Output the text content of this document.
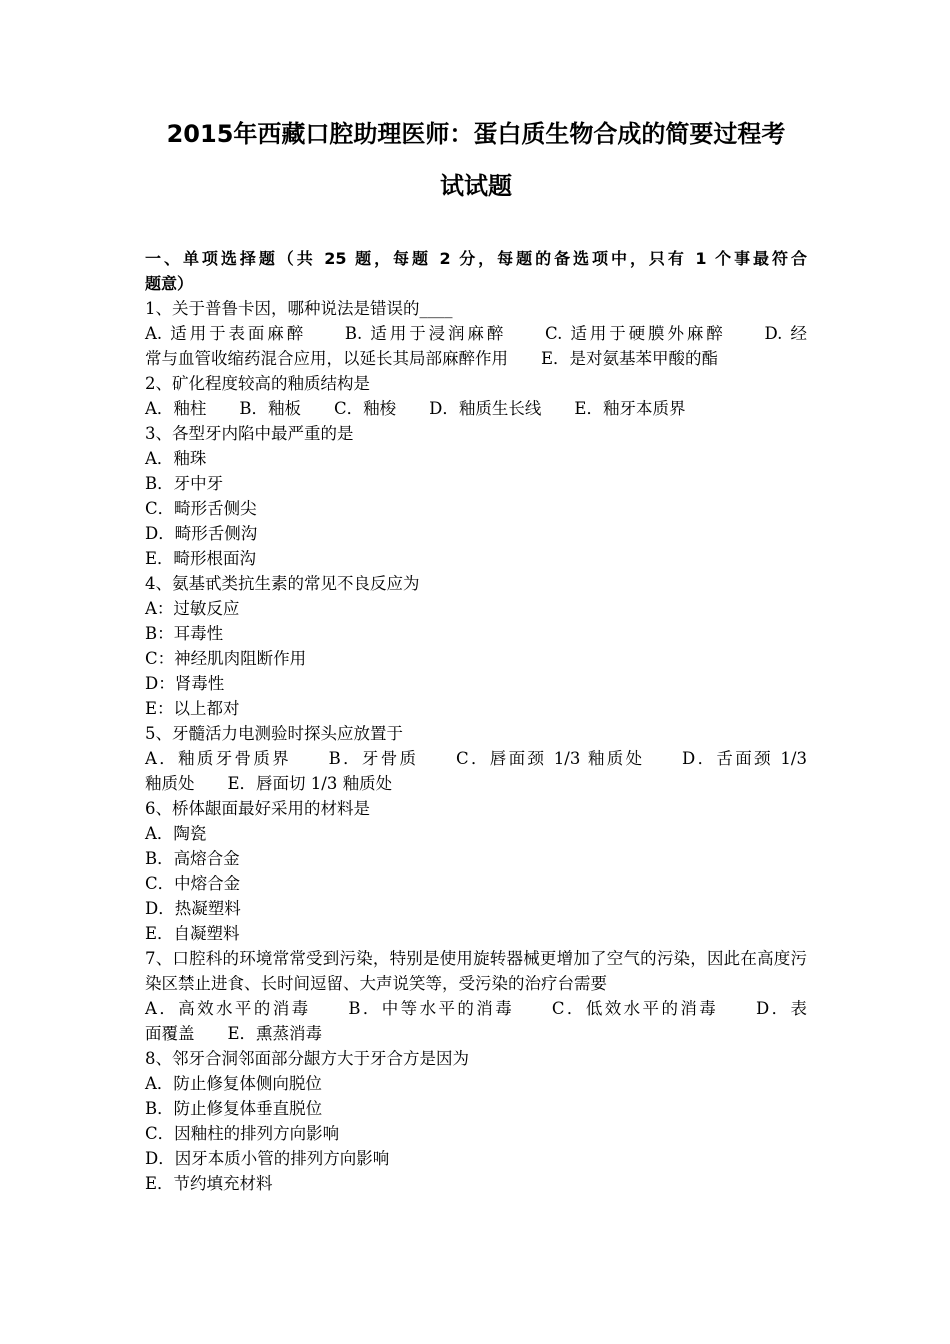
2015年西藏口腔助理医师：蛋白质生物合成的简要过程考
试试题
一、单项选择题（共 25 题，每题 2 分，每题的备选项中，只有 1 个事最符合
题意）
1、关于普鲁卡因，哪种说法是错误的____
A. 适用于表面麻醉　　B. 适用于浸润麻醉　　C. 适用于硬膜外麻醉　　D. 经
常与血管收缩药混合应用，以延长其局部麻醉作用　　E．是对氨基苯甲酸的酯
2、矿化程度较高的釉质结构是
A．釉柱　　B．釉板　　C．釉梭　　D．釉质生长线　　E．釉牙本质界
3、各型牙内陷中最严重的是
A．釉珠
B．牙中牙
C．畸形舌侧尖
D．畸形舌侧沟
E．畸形根面沟
4、氨基甙类抗生素的常见不良反应为
A：过敏反应
B：耳毒性
C：神经肌肉阻断作用
D：肾毒性
E：以上都对
5、牙髓活力电测验时探头应放置于
A．釉质牙骨质界　　B．牙骨质　　C．唇面颈 1/3 釉质处　　D．舌面颈 1/3
釉质处　　E．唇面切 1/3 釉质处
6、桥体龈面最好采用的材料是
A．陶瓷
B．高熔合金
C．中熔合金
D．热凝塑料
E．自凝塑料
7、口腔科的环境常常受到污染，特别是使用旋转器械更增加了空气的污染，因此在高度污染区禁止进食、长时间逗留、大声说笑等，受污染的治疗台需要
A．高效水平的消毒　　B．中等水平的消毒　　C．低效水平的消毒　　D．表
面覆盖　　E．熏蒸消毒
8、邻牙合洞邻面部分龈方大于牙合方是因为
A．防止修复体侧向脱位
B．防止修复体垂直脱位
C．因釉柱的排列方向影响
D．因牙本质小管的排列方向影响
E．节约填充材料
